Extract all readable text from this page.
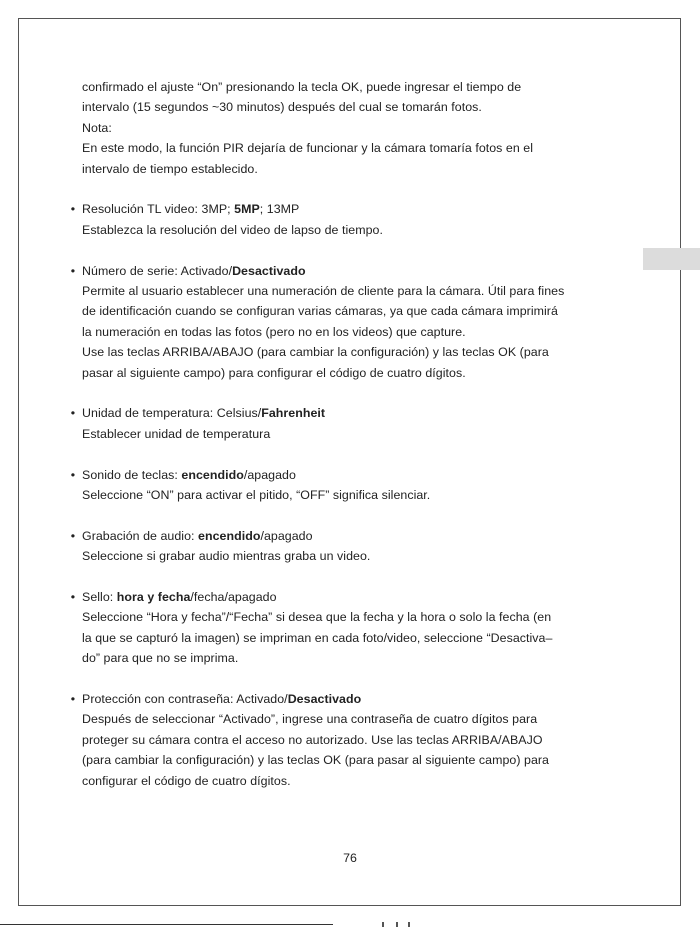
confirmado el ajuste “On” presionando la tecla OK, puede ingresar el tiempo de

intervalo (15 segundos ~30 minutos) después del cual se tomarán fotos.

Nota:

En este modo, la función PIR dejaría de funcionar y la cámara tomaría fotos en el

intervalo de tiempo establecido.

• Resolución TL video: 3MP; 5MP; 13MP

Establezca la resolución del video de lapso de tiempo.

• Número de serie: Activado/Desactivado

Permite al usuario establecer una numeración de cliente para la cámara. Útil para fines

de identificación cuando se configuran varias cámaras, ya que cada cámara imprimirá

la numeración en todas las fotos (pero no en los videos) que capture.

Use las teclas ARRIBA/ABAJO (para cambiar la configuración) y las teclas OK (para

pasar al siguiente campo) para configurar el código de cuatro dígitos.

• Unidad de temperatura: Celsius/Fahrenheit

Establecer unidad de temperatura

• Sonido de teclas: encendido/apagado

Seleccione “ON” para activar el pitido, “OFF” significa silenciar.

• Grabación de audio: encendido/apagado

Seleccione si grabar audio mientras graba un video.

• Sello: hora y fecha/fecha/apagado

Seleccione “Hora y fecha”/“Fecha” si desea que la fecha y la hora o solo la fecha (en

la que se capturó la imagen) se impriman en cada foto/video, seleccione “Desactiva–

do” para que no se imprima.

• Protección con contraseña: Activado/Desactivado

Después de seleccionar “Activado”, ingrese una contraseña de cuatro dígitos para

proteger su cámara contra el acceso no autorizado. Use las teclas ARRIBA/ABAJO

(para cambiar la configuración) y las teclas OK (para pasar al siguiente campo) para

configurar el código de cuatro dígitos.

76
